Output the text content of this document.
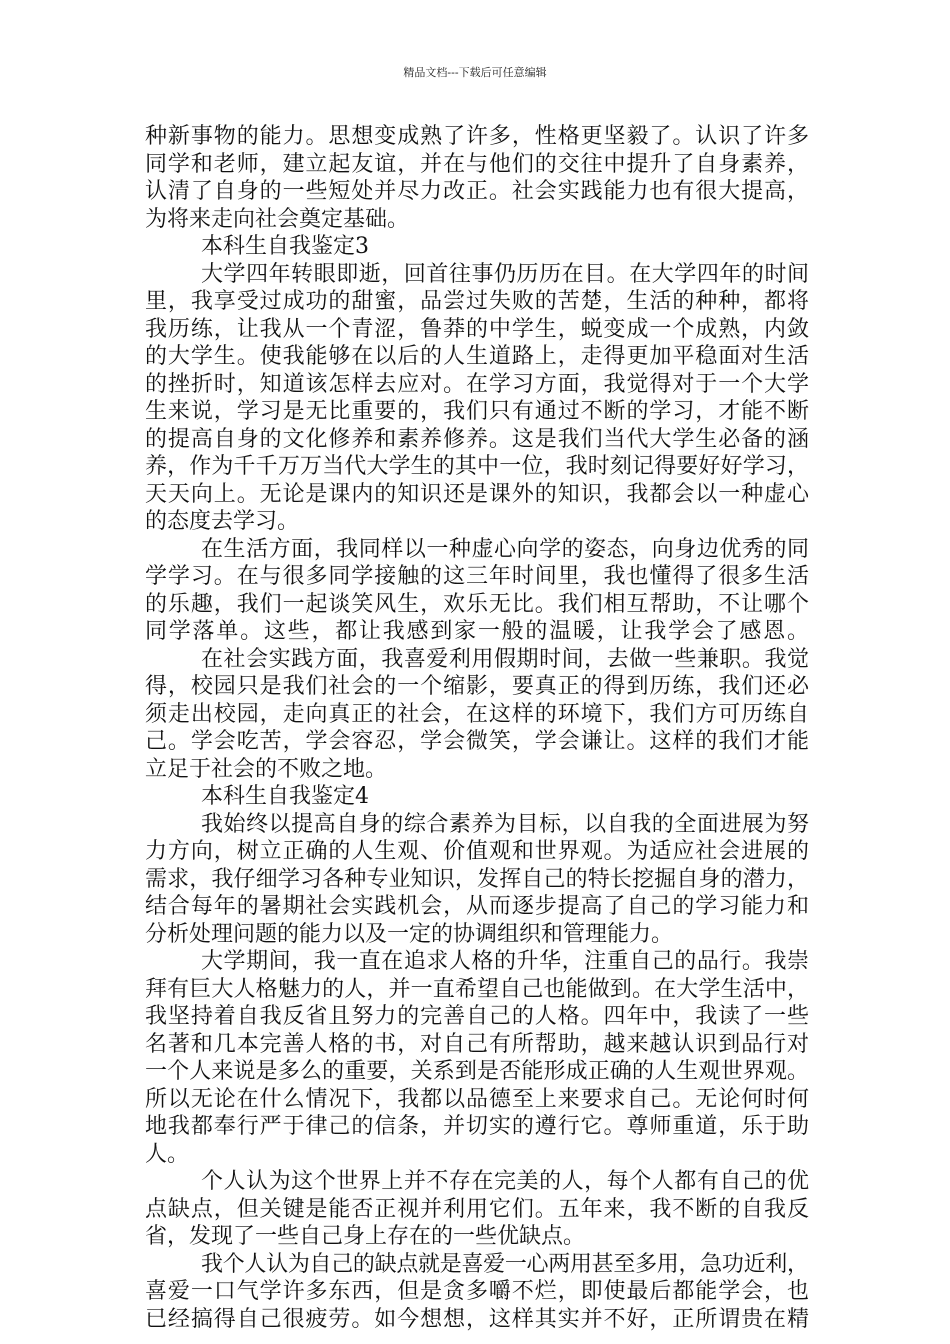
精品文档---下载后可任意编辑
种新事物的能力。思想变成熟了许多，性格更坚毅了。认识了许多
同学和老师，建立起友谊，并在与他们的交往中提升了自身素养，
认清了自身的一些短处并尽力改正。社会实践能力也有很大提高，
为将来走向社会奠定基础。
本科生自我鉴定3
大学四年转眼即逝，回首往事仍历历在目。在大学四年的时间
里，我享受过成功的甜蜜，品尝过失败的苦楚，生活的种种，都将
我历练，让我从一个青涩，鲁莽的中学生，蜕变成一个成熟，内敛
的大学生。使我能够在以后的人生道路上，走得更加平稳面对生活
的挫折时，知道该怎样去应对。在学习方面，我觉得对于一个大学
生来说，学习是无比重要的，我们只有通过不断的学习，才能不断
的提高自身的文化修养和素养修养。这是我们当代大学生必备的涵
养，作为千千万万当代大学生的其中一位，我时刻记得要好好学习，
天天向上。无论是课内的知识还是课外的知识，我都会以一种虚心
的态度去学习。
在生活方面，我同样以一种虚心向学的姿态，向身边优秀的同
学学习。在与很多同学接触的这三年时间里，我也懂得了很多生活
的乐趣，我们一起谈笑风生，欢乐无比。我们相互帮助，不让哪个
同学落单。这些，都让我感到家一般的温暖，让我学会了感恩。
在社会实践方面，我喜爱利用假期时间，去做一些兼职。我觉
得，校园只是我们社会的一个缩影，要真正的得到历练，我们还必
须走出校园，走向真正的社会，在这样的环境下，我们方可历练自
己。学会吃苦，学会容忍，学会微笑，学会谦让。这样的我们才能
立足于社会的不败之地。
本科生自我鉴定4
我始终以提高自身的综合素养为目标，以自我的全面进展为努
力方向，树立正确的人生观、价值观和世界观。为适应社会进展的
需求，我仔细学习各种专业知识，发挥自己的特长挖掘自身的潜力，
结合每年的暑期社会实践机会，从而逐步提高了自己的学习能力和
分析处理问题的能力以及一定的协调组织和管理能力。
大学期间，我一直在追求人格的升华，注重自己的品行。我崇
拜有巨大人格魅力的人，并一直希望自己也能做到。在大学生活中，
我坚持着自我反省且努力的完善自己的人格。四年中，我读了一些
名著和几本完善人格的书，对自己有所帮助，越来越认识到品行对
一个人来说是多么的重要，关系到是否能形成正确的人生观世界观。
所以无论在什么情况下，我都以品德至上来要求自己。无论何时何
地我都奉行严于律己的信条，并切实的遵行它。尊师重道，乐于助
人。
个人认为这个世界上并不存在完美的人，每个人都有自己的优
点缺点，但关键是能否正视并利用它们。五年来，我不断的自我反
省，发现了一些自己身上存在的一些优缺点。
我个人认为自己的缺点就是喜爱一心两用甚至多用，急功近利，
喜爱一口气学许多东西，但是贪多嚼不烂，即使最后都能学会，也
已经搞得自己很疲劳。如今想想，这样其实并不好，正所谓贵在精
